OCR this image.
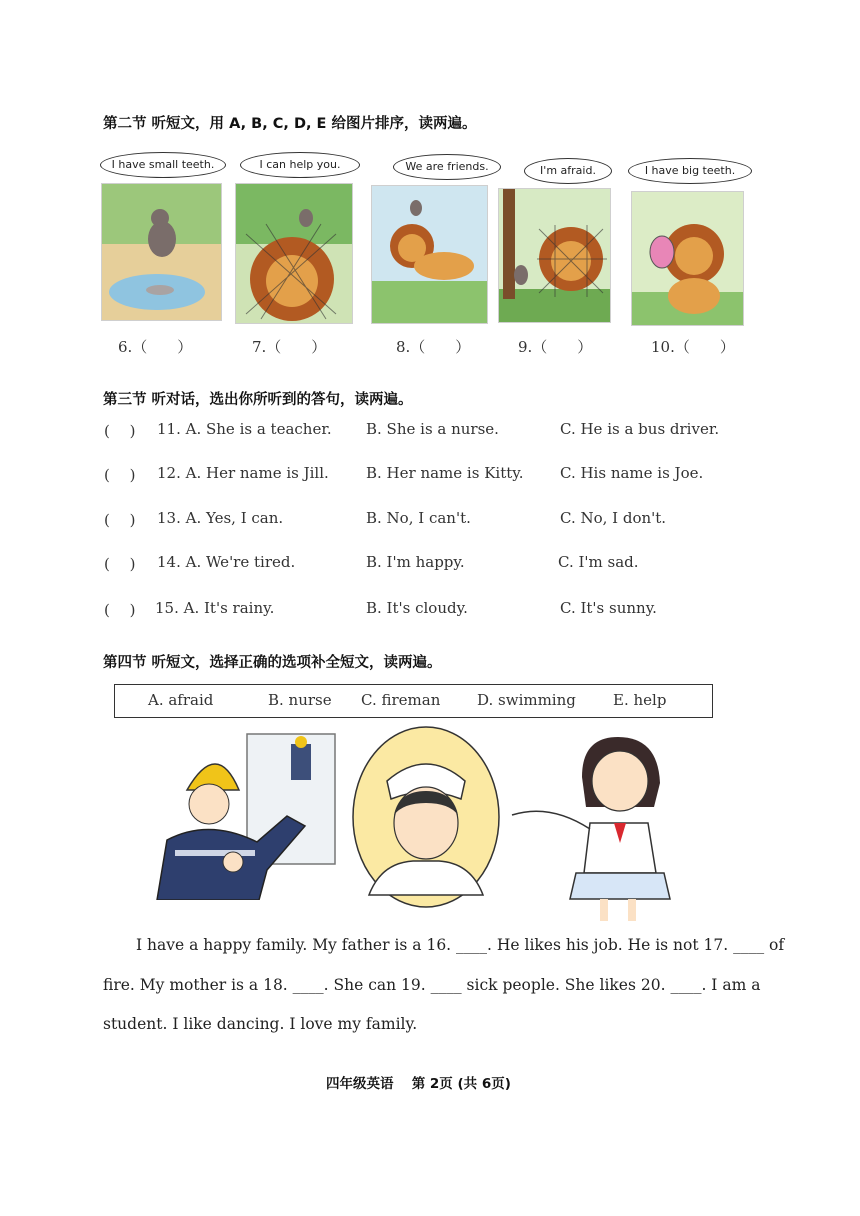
第二节 听短文，用 A, B, C, D, E 给图片排序，读两遍。
I have small teeth.
6.（　　）
I can help you.
7.（　　）
We are friends.
8.（　　）
I'm afraid.
9.（　　）
I have big teeth.
10.（　　）
第三节 听对话，选出你所听到的答句，读两遍。
(　 ) 11. A. She is a teacher. B. She is a nurse.	C. He is a bus driver.
(　 ) 12. A. Her name is Jill. B. Her name is Kitty. C. His name is Joe.
(　 ) 13. A. Yes, I can.	B. No, I can't.	C. No, I don't.
(　 ) 14. A. We're tired.	B. I'm happy.	C. I'm sad.
(　 ) 15. A. It's rainy.	B. It's cloudy.	C. It's sunny.
第四节 听短文，选择正确的选项补全短文，读两遍。
A. afraid	B. nurse C. fireman D. swimming E. help
I have a happy family. My father is a 16. ____. He likes his job. He is not 17. ____ of
fire. My mother is a 18. ____. She can 19. ____ sick people. She likes 20. ____. I am a
student. I like dancing. I love my family.
四年级英语　 第 2页 (共 6页)
